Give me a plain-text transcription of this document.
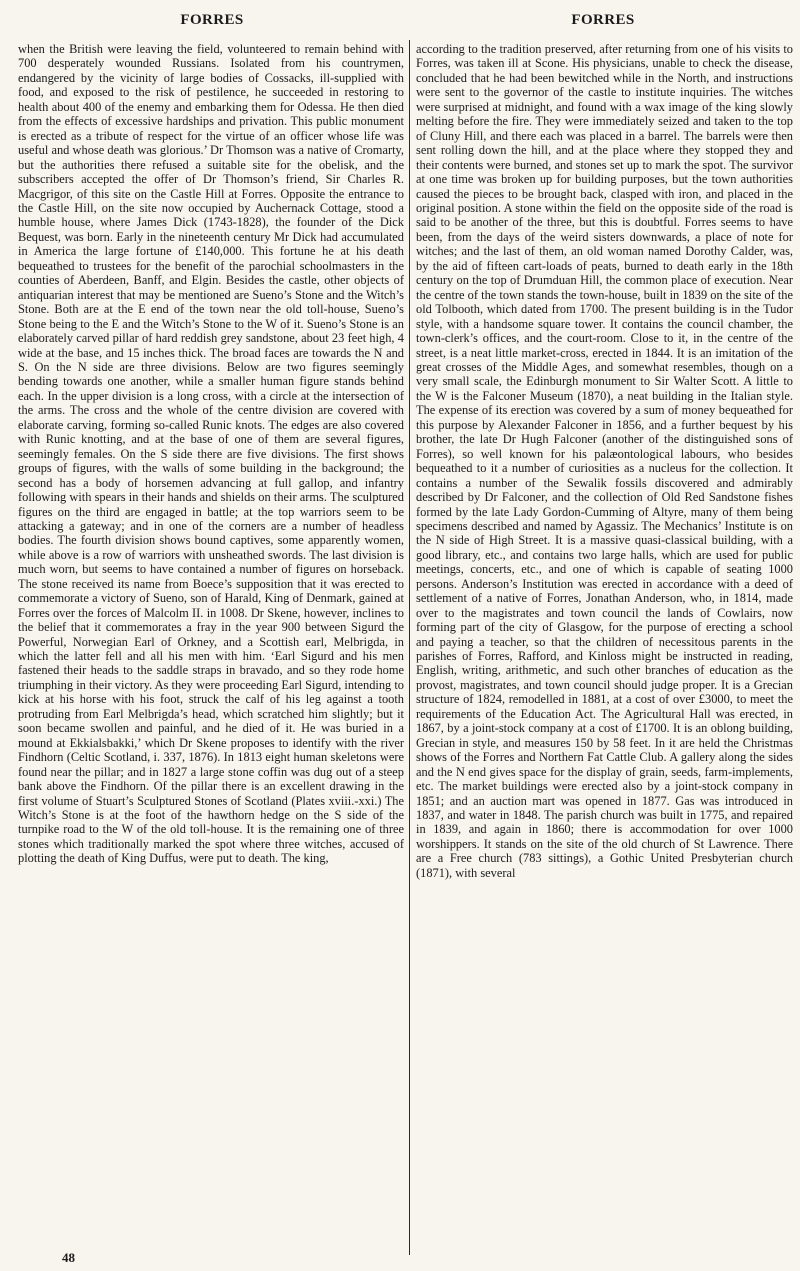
FORRES	FORRES

when the British were leaving the field, volunteered to remain behind with 700 desperately wounded Russians. Isolated from his countrymen, endangered by the vicinity of large bodies of Cossacks, ill-supplied with food, and exposed to the risk of pestilence, he succeeded in restoring to health about 400 of the enemy and embarking them for Odessa. He then died from the effects of excessive hardships and privation. This public monument is erected as a tribute of respect for the virtue of an officer whose life was useful and whose death was glorious.’ Dr Thomson was a native of Cromarty, but the authorities there refused a suitable site for the obelisk, and the subscribers accepted the offer of Dr Thomson’s friend, Sir Charles R. Macgrigor, of this site on the Castle Hill at Forres. Opposite the entrance to the Castle Hill, on the site now occupied by Auchernack Cottage, stood a humble house, where James Dick (1743-1828), the founder of the Dick Bequest, was born. Early in the nineteenth century Mr Dick had accumulated in America the large fortune of £140,000. This fortune he at his death bequeathed to trustees for the benefit of the parochial schoolmasters in the counties of Aberdeen, Banff, and Elgin. Besides the castle, other objects of antiquarian interest that may be mentioned are Sueno’s Stone and the Witch’s Stone. Both are at the E end of the town near the old toll-house, Sueno’s Stone being to the E and the Witch’s Stone to the W of it. Sueno’s Stone is an elaborately carved pillar of hard reddish grey sandstone, about 23 feet high, 4 wide at the base, and 15 inches thick. The broad faces are towards the N and S. On the N side are three divisions. Below are two figures seemingly bending towards one another, while a smaller human figure stands behind each. In the upper division is a long cross, with a circle at the intersection of the arms. The cross and the whole of the centre division are covered with elaborate carving, forming so-called Runic knots. The edges are also covered with Runic knotting, and at the base of one of them are several figures, seemingly females. On the S side there are five divisions. The first shows groups of figures, with the walls of some building in the background; the second has a body of horsemen advancing at full gallop, and infantry following with spears in their hands and shields on their arms. The sculptured figures on the third are engaged in battle; at the top warriors seem to be attacking a gateway; and in one of the corners are a number of headless bodies. The fourth division shows bound captives, some apparently women, while above is a row of warriors with unsheathed swords. The last division is much worn, but seems to have contained a number of figures on horseback. The stone received its name from Boece’s supposition that it was erected to commemorate a victory of Sueno, son of Harald, King of Denmark, gained at Forres over the forces of Malcolm II. in 1008. Dr Skene, however, inclines to the belief that it commemorates a fray in the year 900 between Sigurd the Powerful, Norwegian Earl of Orkney, and a Scottish earl, Melbrigda, in which the latter fell and all his men with him. ‘Earl Sigurd and his men fastened their heads to the saddle straps in bravado, and so they rode home triumphing in their victory. As they were proceeding Earl Sigurd, intending to kick at his horse with his foot, struck the calf of his leg against a tooth protruding from Earl Melbrigda’s head, which scratched him slightly; but it soon became swollen and painful, and he died of it. He was buried in a mound at Ekkialsbakki,’ which Dr Skene proposes to identify with the river Findhorn (Celtic Scotland, i. 337, 1876). In 1813 eight human skeletons were found near the pillar; and in 1827 a large stone coffin was dug out of a steep bank above the Findhorn. Of the pillar there is an excellent drawing in the first volume of Stuart’s Sculptured Stones of Scotland (Plates xviii.-xxi.) The Witch’s Stone is at the foot of the hawthorn hedge on the S side of the turnpike road to the W of the old toll-house. It is the remaining one of three stones which traditionally marked the spot where three witches, accused of plotting the death of King Duffus, were put to death. The king,

according to the tradition preserved, after returning from one of his visits to Forres, was taken ill at Scone. His physicians, unable to check the disease, concluded that he had been bewitched while in the North, and instructions were sent to the governor of the castle to institute inquiries. The witches were surprised at midnight, and found with a wax image of the king slowly melting before the fire. They were immediately seized and taken to the top of Cluny Hill, and there each was placed in a barrel. The barrels were then sent rolling down the hill, and at the place where they stopped they and their contents were burned, and stones set up to mark the spot. The survivor at one time was broken up for building purposes, but the town authorities caused the pieces to be brought back, clasped with iron, and placed in the original position. A stone within the field on the opposite side of the road is said to be another of the three, but this is doubtful. Forres seems to have been, from the days of the weird sisters downwards, a place of note for witches; and the last of them, an old woman named Dorothy Calder, was, by the aid of fifteen cart-loads of peats, burned to death early in the 18th century on the top of Drumduan Hill, the common place of execution. Near the centre of the town stands the town-house, built in 1839 on the site of the old Tolbooth, which dated from 1700. The present building is in the Tudor style, with a handsome square tower. It contains the council chamber, the town-clerk’s offices, and the court-room. Close to it, in the centre of the street, is a neat little market-cross, erected in 1844. It is an imitation of the great crosses of the Middle Ages, and somewhat resembles, though on a very small scale, the Edinburgh monument to Sir Walter Scott. A little to the W is the Falconer Museum (1870), a neat building in the Italian style. The expense of its erection was covered by a sum of money bequeathed for this purpose by Alexander Falconer in 1856, and a further bequest by his brother, the late Dr Hugh Falconer (another of the distinguished sons of Forres), so well known for his palæontological labours, who besides bequeathed to it a number of curiosities as a nucleus for the collection. It contains a number of the Sewalik fossils discovered and admirably described by Dr Falconer, and the collection of Old Red Sandstone fishes formed by the late Lady Gordon-Cumming of Altyre, many of them being specimens described and named by Agassiz. The Mechanics’ Institute is on the N side of High Street. It is a massive quasi-classical building, with a good library, etc., and contains two large halls, which are used for public meetings, concerts, etc., and one of which is capable of seating 1000 persons. Anderson’s Institution was erected in accordance with a deed of settlement of a native of Forres, Jonathan Anderson, who, in 1814, made over to the magistrates and town council the lands of Cowlairs, now forming part of the city of Glasgow, for the purpose of erecting a school and paying a teacher, so that the children of necessitous parents in the parishes of Forres, Rafford, and Kinloss might be instructed in reading, English, writing, arithmetic, and such other branches of education as the provost, magistrates, and town council should judge proper. It is a Grecian structure of 1824, remodelled in 1881, at a cost of over £3000, to meet the requirements of the Education Act. The Agricultural Hall was erected, in 1867, by a joint-stock company at a cost of £1700. It is an oblong building, Grecian in style, and measures 150 by 58 feet. In it are held the Christmas shows of the Forres and Northern Fat Cattle Club. A gallery along the sides and the N end gives space for the display of grain, seeds, farm-implements, etc. The market buildings were erected also by a joint-stock company in 1851; and an auction mart was opened in 1877. Gas was introduced in 1837, and water in 1848. The parish church was built in 1775, and repaired in 1839, and again in 1860; there is accommodation for over 1000 worshippers. It stands on the site of the old church of St Lawrence. There are a Free church (783 sittings), a Gothic United Presbyterian church (1871), with several

48
